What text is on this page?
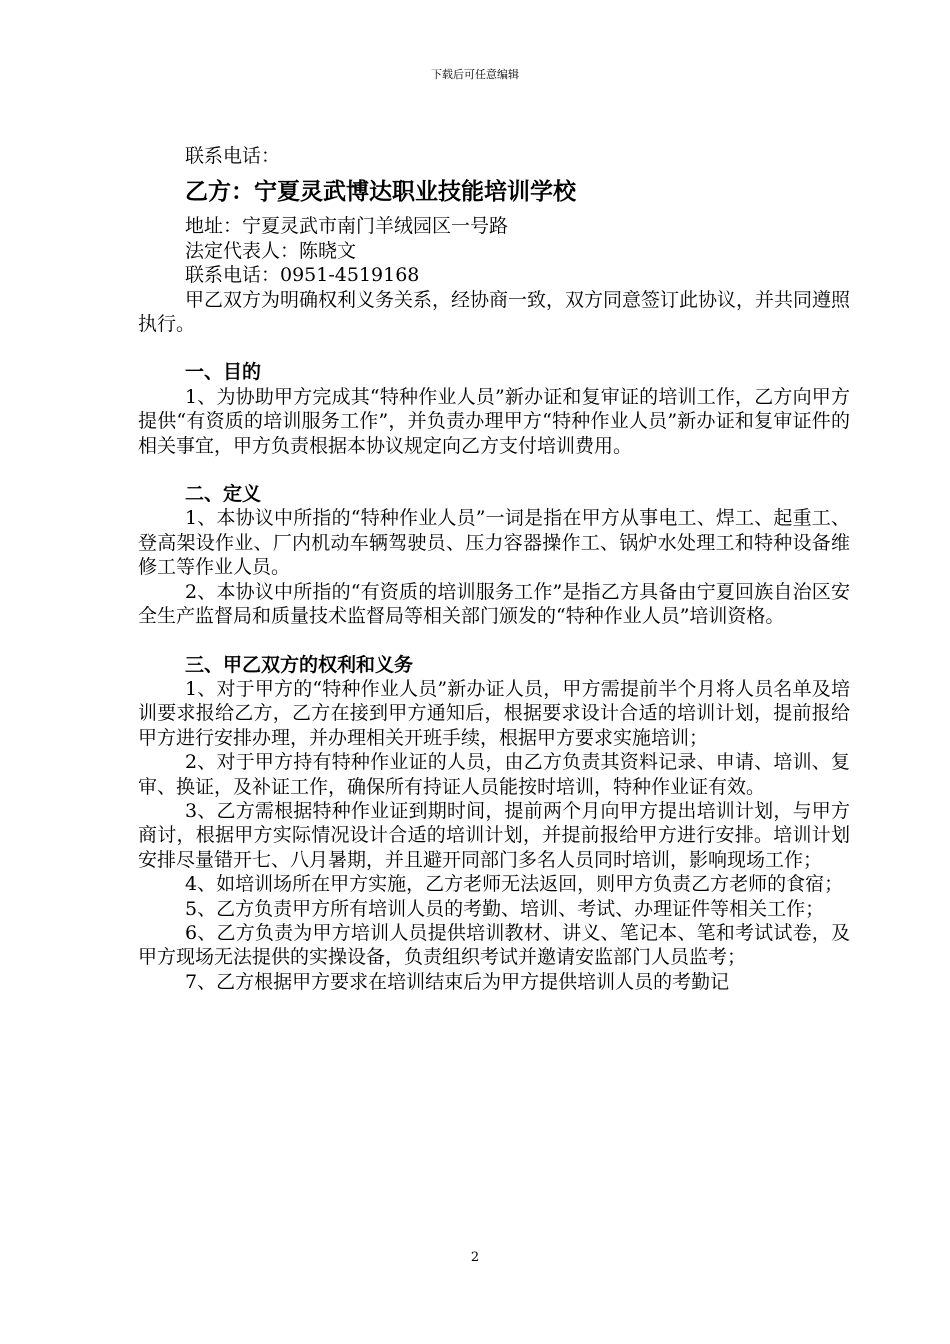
下载后可任意编辑

联系电话：

乙方：宁夏灵武博达职业技能培训学校

地址：宁夏灵武市南门羊绒园区一号路

法定代表人：陈晓文

联系电话：0951-4519168

甲乙双方为明确权利义务关系，经协商一致，双方同意签订此协议，并共同遵照执行。

一、目的

1、为协助甲方完成其“特种作业人员”新办证和复审证的培训工作，乙方向甲方提供“有资质的培训服务工作”，并负责办理甲方“特种作业人员”新办证和复审证件的相关事宜，甲方负责根据本协议规定向乙方支付培训费用。

二、定义

1、本协议中所指的“特种作业人员”一词是指在甲方从事电工、焊工、起重工、登高架设作业、厂内机动车辆驾驶员、压力容器操作工、锅炉水处理工和特种设备维修工等作业人员。

2、本协议中所指的“有资质的培训服务工作”是指乙方具备由宁夏回族自治区安全生产监督局和质量技术监督局等相关部门颁发的“特种作业人员”培训资格。

三、甲乙双方的权利和义务

1、对于甲方的“特种作业人员”新办证人员，甲方需提前半个月将人员名单及培训要求报给乙方，乙方在接到甲方通知后，根据要求设计合适的培训计划，提前报给甲方进行安排办理，并办理相关开班手续，根据甲方要求实施培训；

2、对于甲方持有特种作业证的人员，由乙方负责其资料记录、申请、培训、复审、换证，及补证工作，确保所有持证人员能按时培训，特种作业证有效。

3、乙方需根据特种作业证到期时间，提前两个月向甲方提出培训计划，与甲方商讨，根据甲方实际情况设计合适的培训计划，并提前报给甲方进行安排。培训计划安排尽量错开七、八月暑期，并且避开同部门多名人员同时培训，影响现场工作；

4、如培训场所在甲方实施，乙方老师无法返回，则甲方负责乙方老师的食宿；

5、乙方负责甲方所有培训人员的考勤、培训、考试、办理证件等相关工作；

6、乙方负责为甲方培训人员提供培训教材、讲义、笔记本、笔和考试试卷，及甲方现场无法提供的实操设备，负责组织考试并邀请安监部门人员监考；

7、乙方根据甲方要求在培训结束后为甲方提供培训人员的考勤记

2
